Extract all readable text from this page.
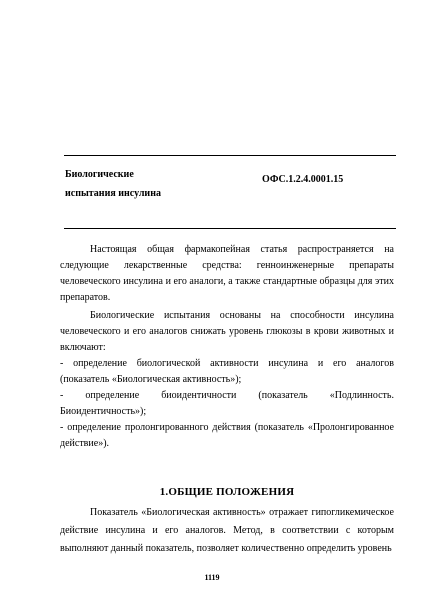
Биологические
испытания инсулина
ОФС.1.2.4.0001.15

Настоящая общая фармакопейная статья распространяется на следующие лекарственные средства: генноинженерные препараты человеческого инсулина и его аналоги, а также стандартные образцы для этих препаратов.

Биологические испытания основаны на способности инсулина человеческого и его аналогов снижать уровень глюкозы в крови животных и включают:

- определение биологической активности инсулина и его аналогов (показатель «Биологическая активность»);

- определение биоидентичности (показатель «Подлинность. Биоидентичность»);

- определение пролонгированного действия (показатель «Пролонгированное действие»).

1.ОБЩИЕ ПОЛОЖЕНИЯ

Показатель «Биологическая активность» отражает гипогликемическое действие инсулина и его аналогов. Метод, в соответствии с которым выполняют данный показатель, позволяет количественно определить уровень

1119
